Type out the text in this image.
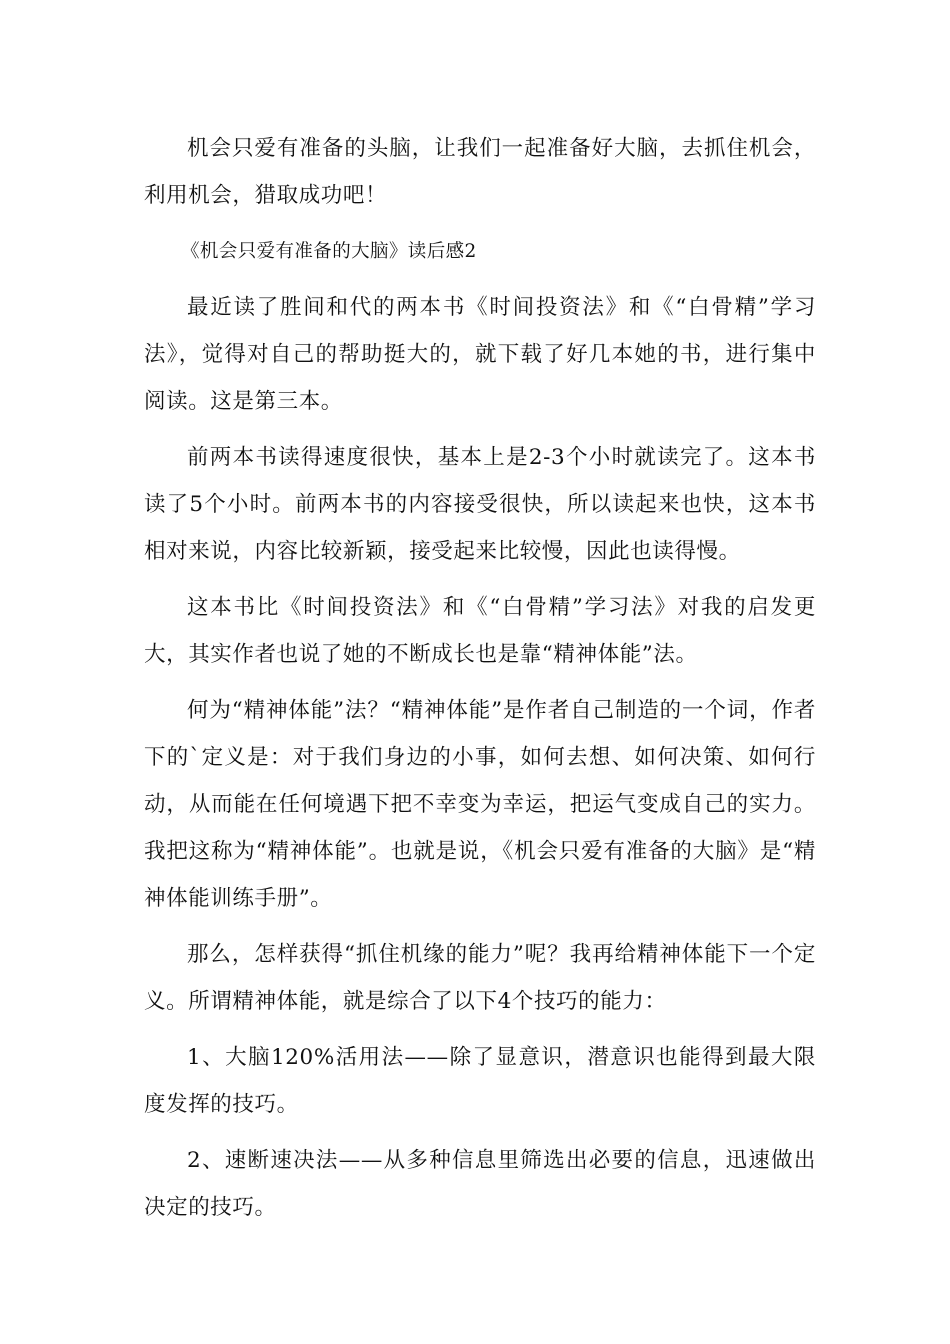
机会只爱有准备的头脑，让我们一起准备好大脑，去抓住机会，利用机会，猎取成功吧！

《机会只爱有准备的大脑》读后感2

最近读了胜间和代的两本书《时间投资法》和《“白骨精”学习法》，觉得对自己的帮助挺大的，就下载了好几本她的书，进行集中阅读。这是第三本。

前两本书读得速度很快，基本上是2-3个小时就读完了。这本书读了5个小时。前两本书的内容接受很快，所以读起来也快，这本书相对来说，内容比较新颖，接受起来比较慢，因此也读得慢。

这本书比《时间投资法》和《“白骨精”学习法》对我的启发更大，其实作者也说了她的不断成长也是靠“精神体能”法。

何为“精神体能”法？“精神体能”是作者自己制造的一个词，作者下的`定义是：对于我们身边的小事，如何去想、如何决策、如何行动，从而能在任何境遇下把不幸变为幸运，把运气变成自己的实力。我把这称为“精神体能”。也就是说，《机会只爱有准备的大脑》是“精神体能训练手册”。

那么，怎样获得“抓住机缘的能力”呢？我再给精神体能下一个定义。所谓精神体能，就是综合了以下4个技巧的能力：

1、大脑120%活用法——除了显意识，潜意识也能得到最大限度发挥的技巧。

2、速断速决法——从多种信息里筛选出必要的信息，迅速做出决定的技巧。
